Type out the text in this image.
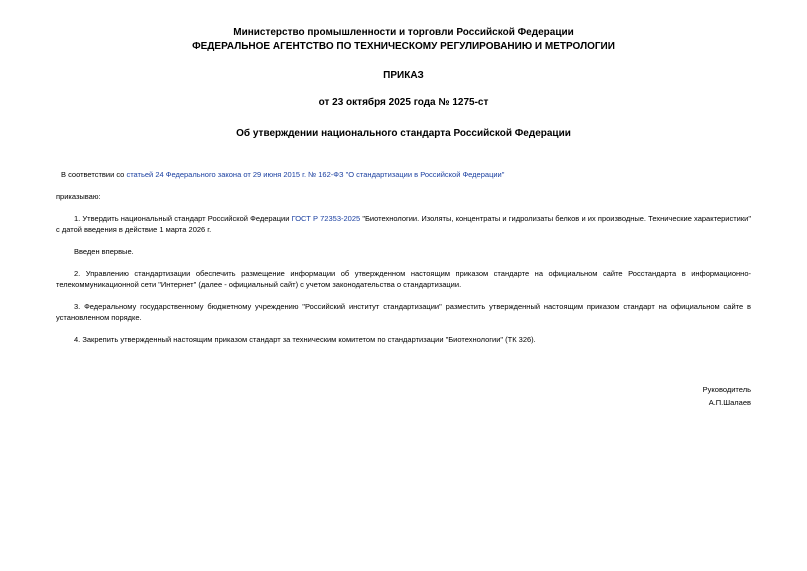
Министерство промышленности и торговли Российской Федерации
ФЕДЕРАЛЬНОЕ АГЕНТСТВО ПО ТЕХНИЧЕСКОМУ РЕГУЛИРОВАНИЮ И МЕТРОЛОГИИ
ПРИКАЗ
от 23 октября 2025 года № 1275-ст
Об утверждении национального стандарта Российской Федерации
В соответствии со статьей 24 Федерального закона от 29 июня 2015 г. № 162-ФЗ "О стандартизации в Российской Федерации"
приказываю:
1. Утвердить национальный стандарт Российской Федерации ГОСТ Р 72353-2025 "Биотехнологии. Изоляты, концентраты и гидролизаты белков и их производные. Технические характеристики" с датой введения в действие 1 марта 2026 г.
Введен впервые.
2. Управлению стандартизации обеспечить размещение информации об утвержденном настоящим приказом стандарте на официальном сайте Росстандарта в информационно-телекоммуникационной сети "Интернет" (далее - официальный сайт) с учетом законодательства о стандартизации.
3. Федеральному государственному бюджетному учреждению "Российский институт стандартизации" разместить утвержденный настоящим приказом стандарт на официальном сайте в установленном порядке.
4. Закрепить утвержденный настоящим приказом стандарт за техническим комитетом по стандартизации "Биотехнологии" (ТК 326).
Руководитель
А.П.Шалаев
